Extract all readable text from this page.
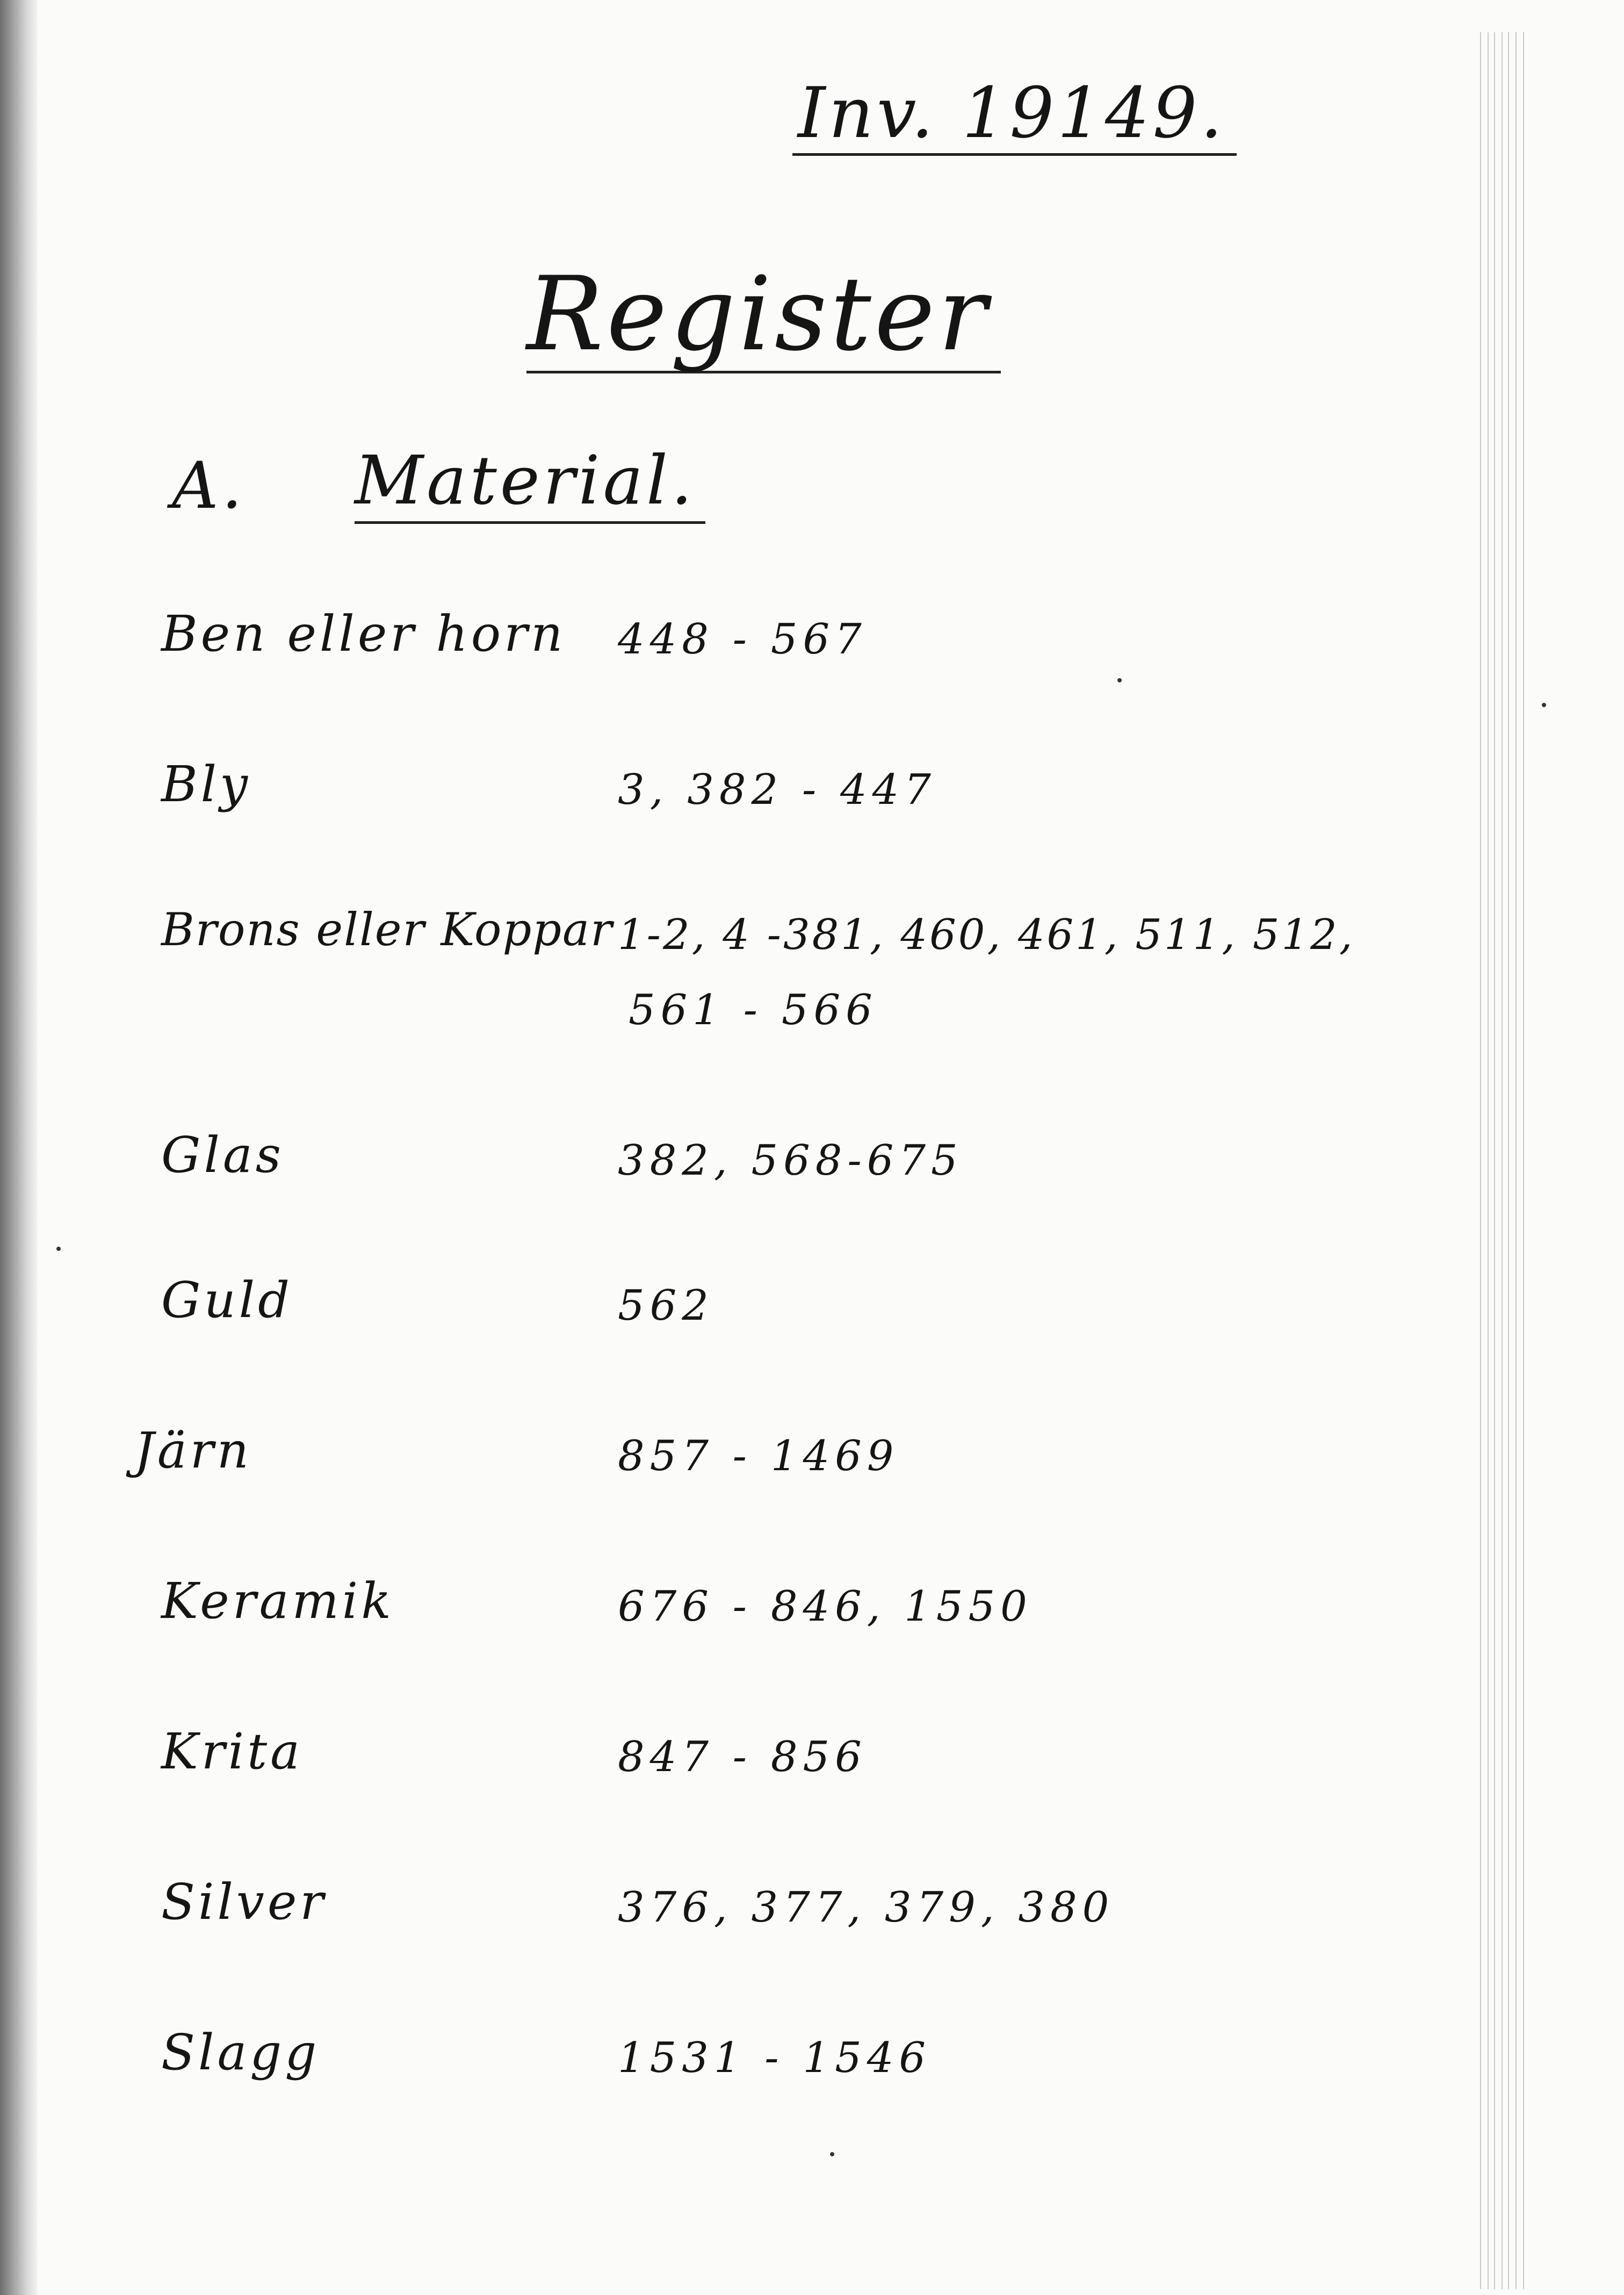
Inv. 19149.
Register
A. Material.
Ben eller horn 448 - 567
Bly	3, 382 - 447
Brons eller Koppar 1-2, 4 -381, 460, 461, 511, 512,
561 - 566
Glas	382, 568-675
Guld	562
Järn	857 - 1469
Keramik	676 - 846, 1550
Krita	847 - 856
Silver	376, 377, 379, 380
Slagg	1531 - 1546
